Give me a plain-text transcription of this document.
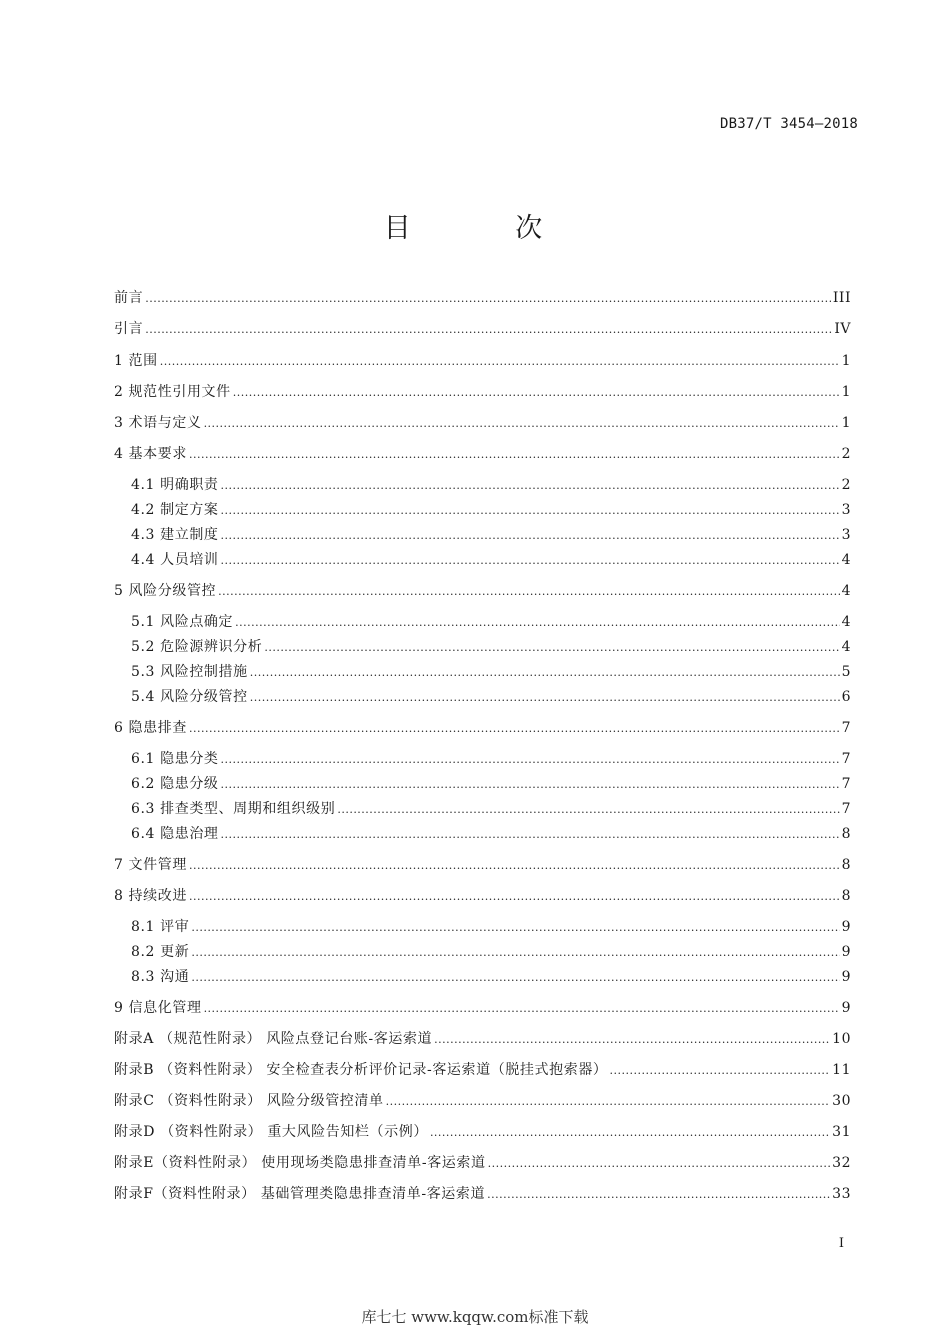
DB37/T 3454—2018
目 次
前言 .....	III
引言 .....	IV
1 范围 .....	1
2 规范性引用文件 .....	1
3 术语与定义 .....	1
4 基本要求 .....	2
4.1 明确职责 .....	2
4.2 制定方案 .....	3
4.3 建立制度 .....	3
4.4 人员培训 .....	4
5 风险分级管控 .....	4
5.1 风险点确定 .....	4
5.2 危险源辨识分析 .....	4
5.3 风险控制措施 .....	5
5.4 风险分级管控 .....	6
6 隐患排查 .....	7
6.1 隐患分类 .....	7
6.2 隐患分级 .....	7
6.3 排查类型、周期和组织级别 .....	7
6.4 隐患治理 .....	8
7 文件管理 .....	8
8 持续改进 .....	8
8.1 评审 .....	9
8.2 更新 .....	9
8.3 沟通 .....	9
9 信息化管理 .....	9
附录A （规范性附录） 风险点登记台账-客运索道 .....	10
附录B （资料性附录） 安全检查表分析评价记录-客运索道（脱挂式抱索器） .....	11
附录C （资料性附录） 风险分级管控清单 .....	30
附录D （资料性附录） 重大风险告知栏（示例） .....	31
附录E（资料性附录） 使用现场类隐患排查清单-客运索道 .....	32
附录F（资料性附录） 基础管理类隐患排查清单-客运索道 .....	33
I
库七七 www.kqqw.com标准下载
